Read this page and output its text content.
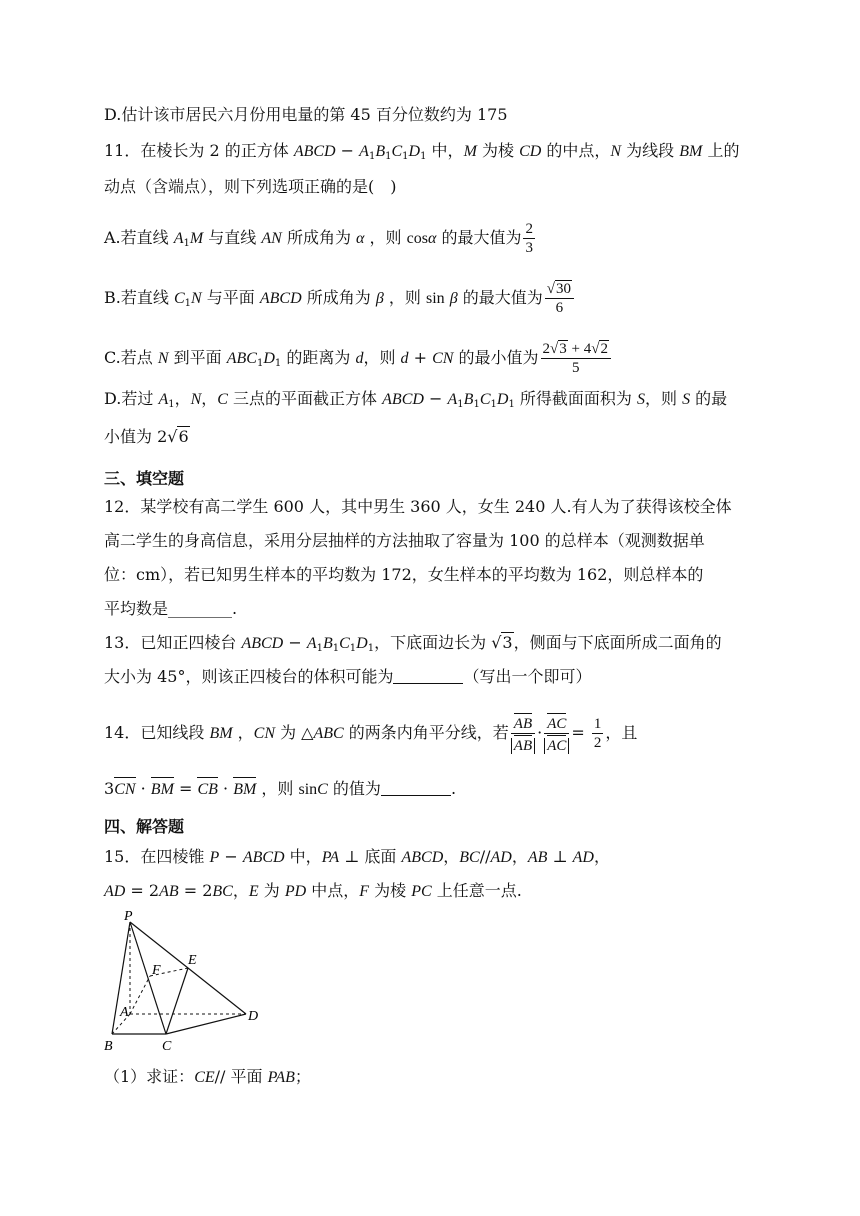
D.估计该市居民六月份用电量的第 45 百分位数约为 175
11．在棱长为 2 的正方体 ABCD − $A_1B_1C_1D_1$ 中，M 为棱 CD 的中点，N 为线段 BM 上的
动点（含端点），则下列选项正确的是(　)
A.若直线 $A_1M$ 与直线 AN 所成角为 α ，则 cosα 的最大值为 $\frac{2}{3}$
B.若直线 $C_1N$ 与平面 ABCD 所成角为 β ，则 sin β 的最大值为 $\frac{√30}{6}$
C.若点 N 到平面 $ABC_1D_1$ 的距离为 d，则 d + CN 的最小值为 $\frac{2√3 + 4√2}{5}$
D.若过 $A_1$，N，C 三点的平面截正方体 ABCD − $A_1B_1C_1D_1$ 所得截面面积为 S，则 S 的最
小值为 2√6
三、填空题
12．某学校有高二学生 600 人，其中男生 360 人，女生 240 人.有人为了获得该校全体
高二学生的身高信息，采用分层抽样的方法抽取了容量为 100 的总样本（观测数据单
位：cm），若已知男生样本的平均数为 172，女生样本的平均数为 162，则总样本的
平均数是________.
13．已知正四棱台 ABCD − $A_1B_1C_1D_1$，下底面边长为 √3，侧面与下底面所成二面角的
大小为 45°，则该正四棱台的体积可能为	（写出一个即可）
14．已知线段 BM ，CN 为 △ABC 的两条内角平分线，若 $\frac{AB}{AB} \cdot \frac{AC}{AC} = \frac{1}{2}$ ，且
3CN · BM = CB · BM ，则 sinC 的值为	.
四、解答题
15．在四棱锥 P − ABCD 中，PA ⊥ 底面 ABCD，BC//AD，AB ⊥ AD，
AD = 2AB = 2BC，E 为 PD 中点，F 为棱 PC 上任意一点.
P
F
E
A	D
B	C
（1）求证：CE// 平面 PAB；
